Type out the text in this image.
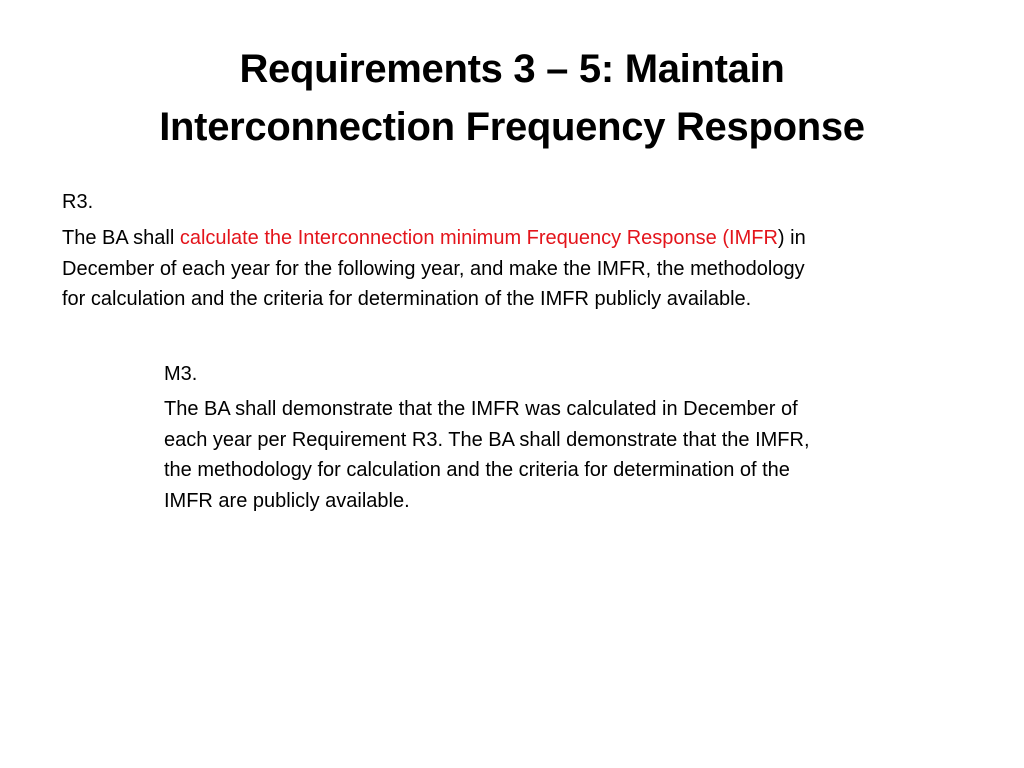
Requirements 3 – 5: Maintain
Interconnection Frequency Response
R3.
The BA shall calculate the Interconnection minimum Frequency Response (IMFR) in
December of each year for the following year, and make the IMFR, the methodology
for calculation and the criteria for determination of the IMFR publicly available.
M3.
The BA shall demonstrate that the IMFR was calculated in December of
each year per Requirement R3. The BA shall demonstrate that the IMFR,
the methodology for calculation and the criteria for determination of the
IMFR are publicly available.
